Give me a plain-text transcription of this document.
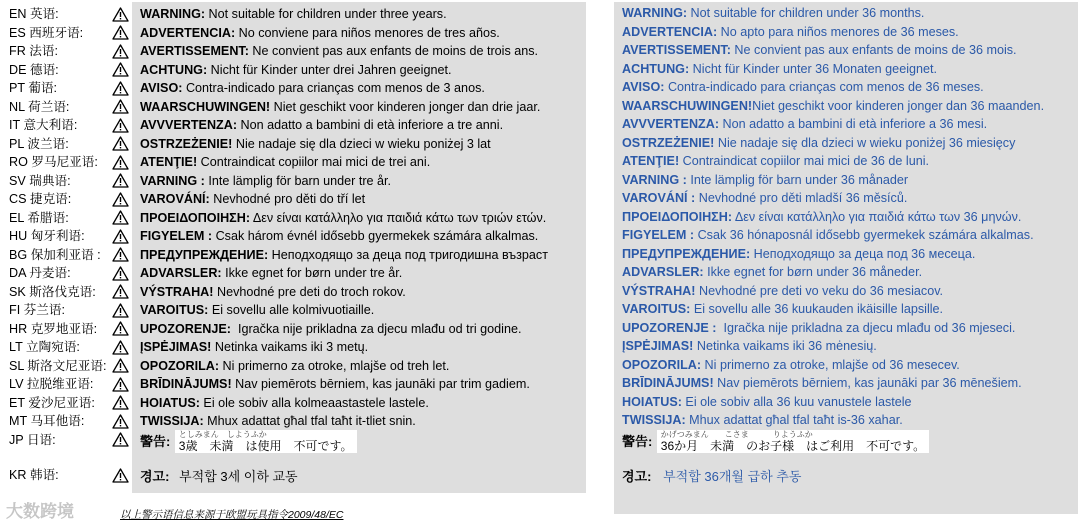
EN 英语:
ES 西班牙语:
FR 法语:
DE 德语:
PT 葡语:
NL 荷兰语:
IT 意大利语:
PL 波兰语:
RO 罗马尼亚语:
SV 瑞典语:
CS 捷克语:
EL 希腊语:
HU 匈牙利语:
BG 保加利亚语 :
DA 丹麦语:
SK 斯洛伐克语:
FI 芬兰语:
HR 克罗地亚语:
LT 立陶宛语:
SL 斯洛文尼亚语:
LV 拉脱维亚语:
ET 爱沙尼亚语:
MT 马耳他语:
JP 日语:
WARNING: Not suitable for children under three years.
ADVERTENCIA: No conviene para niños menores de tres años.
AVERTISSEMENT: Ne convient pas aux enfants de moins de trois ans.
ACHTUNG: Nicht für Kinder unter drei Jahren geeignet.
AVISO: Contra-indicado para crianças com menos de 3 anos.
WAARSCHUWINGEN! Niet geschikt voor kinderen jonger dan drie jaar.
AVVVERTENZA: Non adatto a bambini di età inferiore a tre anni.
OSTRZEŻENIE! Nie nadaje się dla dzieci w wieku poniżej 3 lat
ATENŢIE! Contraindicat copiilor mai mici de trei ani.
VARNING : Inte lämplig för barn under tre år.
VAROVÁNÍ: Nevhodné pro děti do tří let
ΠΡΟΕΙΔΟΠΟΙΗΣΗ: Δεν είναι κατάλληλο για παιδιά κάτω των τριών ετών.
FIGYELEM : Csak három évnél idősebb gyermekek számára alkalmas.
ПРЕДУПРЕЖДЕНИЕ: Неподходящо за деца под тригодишна възраст
ADVARSLER: Ikke egnet for børn under tre år.
VÝSTRAHA! Nevhodné pre deti do troch rokov.
VAROITUS: Ei sovellu alle kolmivuotiaille.
UPOZORENJE:  Igračka nije prikladna za djecu mlađu od tri godine.
ĮSPĖJIMAS! Netinka vaikams iki 3 metų.
OPOZORILA: Ni primerno za otroke, mlajše od treh let.
BRĪDINĀJUMS! Nav piemērots bērniem, kas jaunāki par trim gadiem.
HOIATUS: Ei ole sobiv alla kolmeaastastele lastele.
TWISSIJA: Mhux adattat għal tfal taħt it-tliet snin.
WARNING: Not suitable for children under 36 months.
ADVERTENCIA: No apto para niños menores de 36 meses.
AVERTISSEMENT: Ne convient pas aux enfants de moins de 36 mois.
ACHTUNG: Nicht für Kinder unter 36 Monaten geeignet.
AVISO: Contra-indicado para crianças com menos de 36 meses.
WAARSCHUWINGEN!Niet geschikt voor kinderen jonger dan 36 maanden.
AVVVERTENZA: Non adatto a bambini di età inferiore a 36 mesi.
OSTRZEŻENIE! Nie nadaje się dla dzieci w wieku poniżej 36 miesięcy
ATENŢIE! Contraindicat copiilor mai mici de 36 de luni.
VARNING : Inte lämplig för barn under 36 månader
VAROVÁNÍ : Nevhodné pro děti mladší 36 měsíců.
ΠΡΟΕΙΔΟΠΟΙΗΣΗ: Δεν είναι κατάλληλο για παιδιά κάτω των 36 μηνών.
FIGYELEM : Csak 36 hónaposnál idősebb gyermekek számára alkalmas.
ПРЕДУПРЕЖДЕНИЕ: Неподходящо за деца под 36 месеца.
ADVARSLER: Ikke egnet for børn under 36 måneder.
VÝSTRAHA! Nevhodné pre deti vo veku do 36 mesiacov.
VAROITUS: Ei sovellu alle 36 kuukauden ikäisille lapsille.
UPOZORENJE :  Igračka nije prikladna za djecu mlađu od 36 mjeseci.
ĮSPĖJIMAS! Netinka vaikams iki 36 mėnesių.
OPOZORILA: Ni primerno za otroke, mlajše od 36 mesecev.
BRĪDINĀJUMS! Nav piemērots bērniem, kas jaunāki par 36 mēnešiem.
HOIATUS: Ei ole sobiv alla 36 kuu vanustele lastele
TWISSIJA: Mhux adattat għal tfal taħt is-36 xahar.
$^{警告:}$ としみまん　しようふか
3歳　未満　は使用　不可です。	$^{警告:}$ かげつみまん　　こさま　　　りようふか
36か月　未満　のお子様　はご利用　不可です。
경고: 부적합 3세 이하 교동	경고: 부적합 36개월 급하 추동
以上警示语信息来源于欧盟玩具指令2009/48/EC
大数跨境
KR 韩语:
